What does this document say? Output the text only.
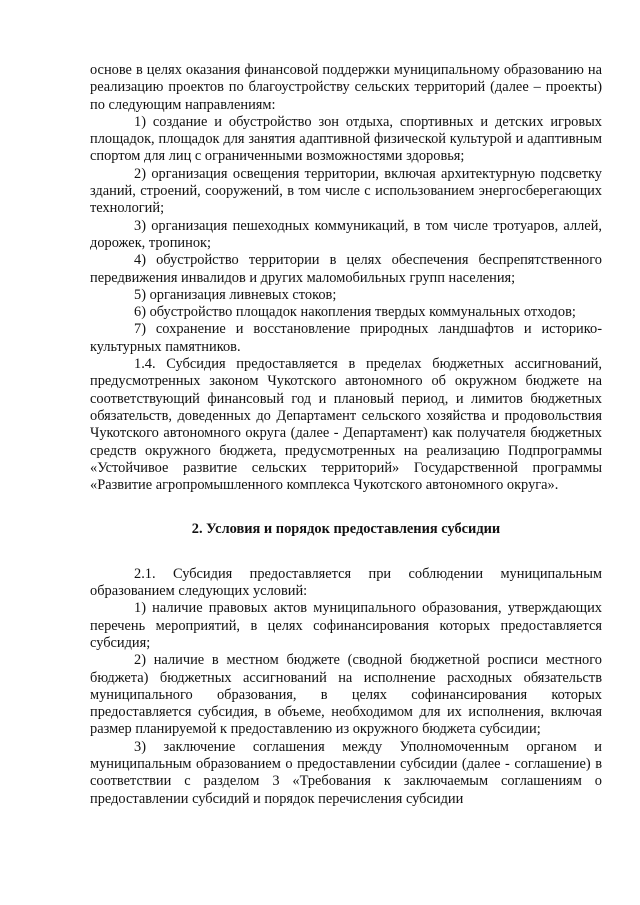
основе в целях оказания финансовой поддержки муниципальному образованию на реализацию проектов по благоустройству сельских территорий (далее – проекты) по следующим направлениям:

1) создание и обустройство зон отдыха, спортивных и детских игровых площадок, площадок для занятия адаптивной физической культурой и адаптивным спортом для лиц с ограниченными возможностями здоровья;

2) организация освещения территории, включая архитектурную подсветку зданий, строений, сооружений, в том числе с использованием энергосберегающих технологий;

3) организация пешеходных коммуникаций, в том числе тротуаров, аллей, дорожек, тропинок;

4) обустройство территории в целях обеспечения беспрепятственного передвижения инвалидов и других маломобильных групп населения;

5) организация ливневых стоков;

6) обустройство площадок накопления твердых коммунальных отходов;

7) сохранение и восстановление природных ландшафтов и историко-культурных памятников.

1.4. Субсидия предоставляется в пределах бюджетных ассигнований, предусмотренных законом Чукотского автономного об окружном бюджете на соответствующий финансовый год и плановый период, и лимитов бюджетных обязательств, доведенных до Департамент сельского хозяйства и продовольствия Чукотского автономного округа (далее - Департамент) как получателя бюджетных средств окружного бюджета, предусмотренных на реализацию Подпрограммы «Устойчивое развитие сельских территорий» Государственной программы «Развитие агропромышленного комплекса Чукотского автономного округа».

2. Условия и порядок предоставления субсидии

2.1. Субсидия предоставляется при соблюдении муниципальным образованием следующих условий:

1) наличие правовых актов муниципального образования, утверждающих перечень мероприятий, в целях софинансирования которых предоставляется субсидия;

2) наличие в местном бюджете (сводной бюджетной росписи местного бюджета) бюджетных ассигнований на исполнение расходных обязательств муниципального образования, в целях софинансирования которых предоставляется субсидия, в объеме, необходимом для их исполнения, включая размер планируемой к предоставлению из окружного бюджета субсидии;

3) заключение соглашения между Уполномоченным органом и муниципальным образованием о предоставлении субсидии (далее - соглашение) в соответствии с разделом 3 «Требования к заключаемым соглашениям о предоставлении субсидий и порядок перечисления субсидии
